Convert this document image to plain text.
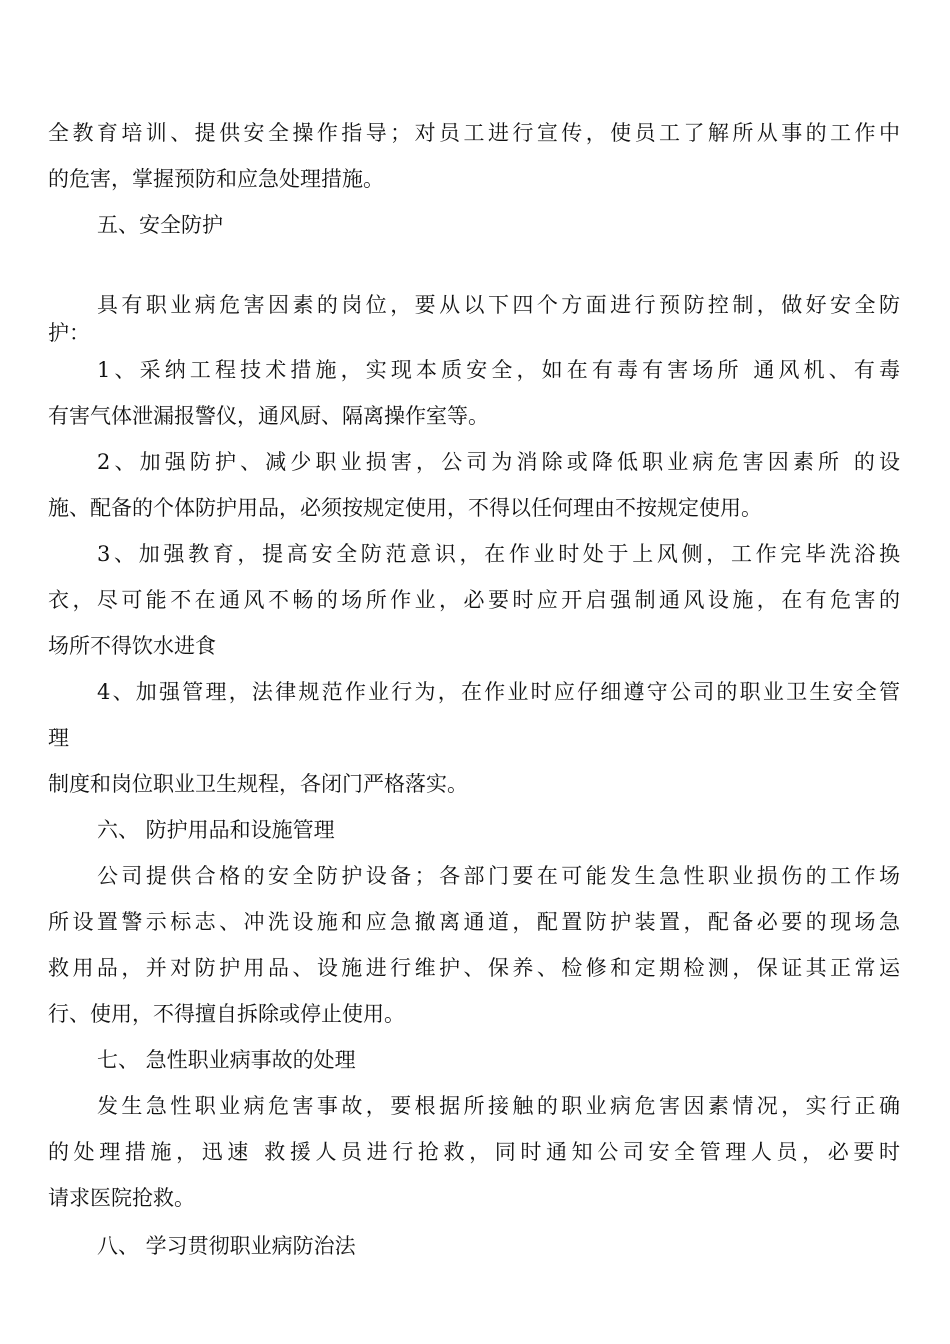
全教育培训、提供安全操作指导；对员工进行宣传，使员工了解所从事的工作中
的危害，掌握预防和应急处理措施。
五、安全防护
具有职业病危害因素的岗位，要从以下四个方面进行预防控制，做好安全防
护：
1、采纳工程技术措施，实现本质安全，如在有毒有害场所 通风机、有毒
有害气体泄漏报警仪，通风厨、隔离操作室等。
2、加强防护、减少职业损害，公司为消除或降低职业病危害因素所 的设
施、配备的个体防护用品，必须按规定使用，不得以任何理由不按规定使用。
3、加强教育，提高安全防范意识，在作业时处于上风侧，工作完毕洗浴换
衣，尽可能不在通风不畅的场所作业，必要时应开启强制通风设施，在有危害的
场所不得饮水进食
4、加强管理，法律规范作业行为，在作业时应仔细遵守公司的职业卫生安全管
理
制度和岗位职业卫生规程，各闭门严格落实。
六、 防护用品和设施管理
公司提供合格的安全防护设备；各部门要在可能发生急性职业损伤的工作场
所设置警示标志、冲洗设施和应急撤离通道，配置防护装置，配备必要的现场急
救用品，并对防护用品、设施进行维护、保养、检修和定期检测，保证其正常运
行、使用，不得擅自拆除或停止使用。
七、 急性职业病事故的处理
发生急性职业病危害事故，要根据所接触的职业病危害因素情况，实行正确
的处理措施，迅速 救援人员进行抢救，同时通知公司安全管理人员，必要时
请求医院抢救。
八、 学习贯彻职业病防治法
